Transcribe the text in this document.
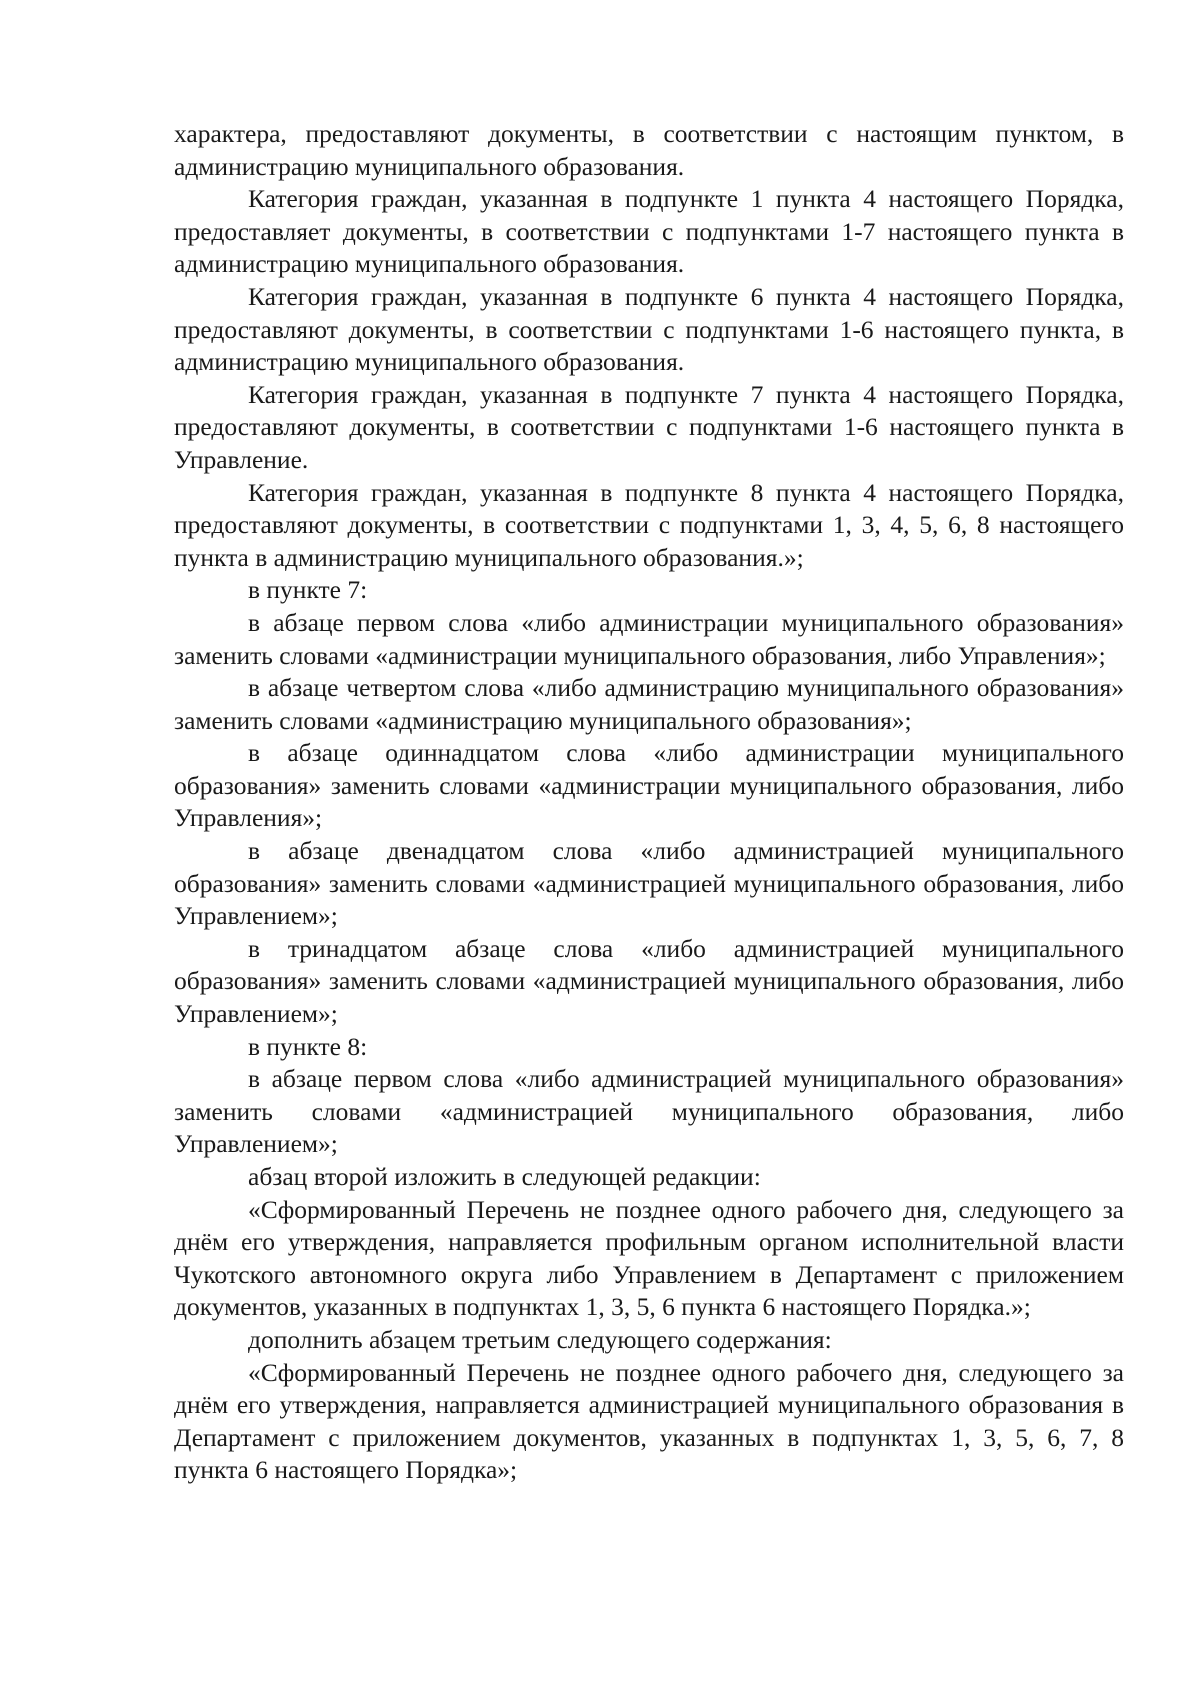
характера, предоставляют документы, в соответствии с настоящим пунктом, в администрацию муниципального образования.

Категория граждан, указанная в подпункте 1 пункта 4 настоящего Порядка, предоставляет документы, в соответствии с подпунктами 1-7 настоящего пункта в администрацию муниципального образования.

Категория граждан, указанная в подпункте 6 пункта 4 настоящего Порядка, предоставляют документы, в соответствии с подпунктами 1-6 настоящего пункта, в администрацию муниципального образования.

Категория граждан, указанная в подпункте 7 пункта 4 настоящего Порядка, предоставляют документы, в соответствии с подпунктами 1-6 настоящего пункта в Управление.

Категория граждан, указанная в подпункте 8 пункта 4 настоящего Порядка, предоставляют документы, в соответствии с подпунктами 1, 3, 4, 5, 6, 8 настоящего пункта в администрацию муниципального образования.»;

в пункте 7:

в абзаце первом слова «либо администрации муниципального образования» заменить словами «администрации муниципального образования, либо Управления»;

в абзаце четвертом слова «либо администрацию муниципального образования» заменить словами «администрацию муниципального образования»;

в абзаце одиннадцатом слова «либо администрации муниципального образования» заменить словами «администрации муниципального образования, либо Управления»;

в абзаце двенадцатом слова «либо администрацией муниципального образования» заменить словами «администрацией муниципального образования, либо Управлением»;

в тринадцатом абзаце слова «либо администрацией муниципального образования» заменить словами «администрацией муниципального образования, либо Управлением»;

в пункте 8:

в абзаце первом слова «либо администрацией муниципального образования» заменить словами «администрацией муниципального образования, либо Управлением»;

абзац второй изложить в следующей редакции:

«Сформированный Перечень не позднее одного рабочего дня, следующего за днём его утверждения, направляется профильным органом исполнительной власти Чукотского автономного округа либо Управлением в Департамент с приложением документов, указанных в подпунктах 1, 3, 5, 6 пункта 6 настоящего Порядка.»;

дополнить абзацем третьим следующего содержания:

«Сформированный Перечень не позднее одного рабочего дня, следующего за днём его утверждения, направляется администрацией муниципального образования в Департамент с приложением документов, указанных в подпунктах 1, 3, 5, 6, 7, 8 пункта 6 настоящего Порядка»;
